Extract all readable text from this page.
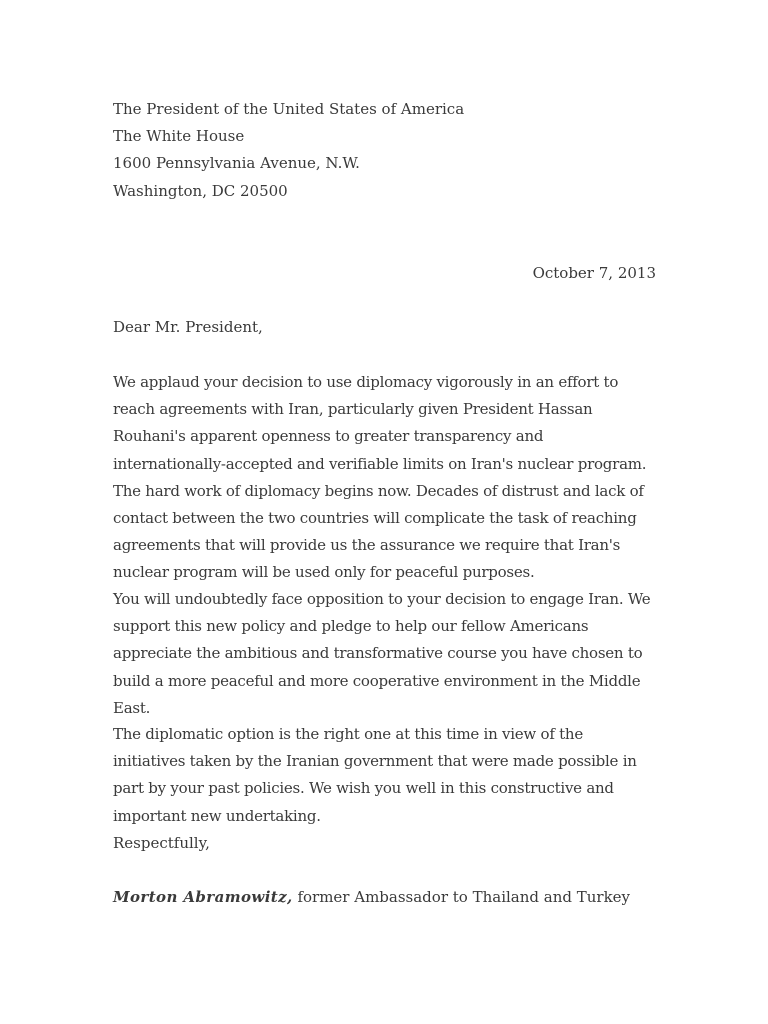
The President of the United States of America
The White House
1600 Pennsylvania Avenue, N.W.
Washington, DC 20500
October 7, 2013
Dear Mr. President,

We applaud your decision to use diplomacy vigorously in an effort to reach agreements with Iran, particularly given President Hassan Rouhani's apparent openness to greater transparency and internationally-accepted and verifiable limits on Iran's nuclear program. The hard work of diplomacy begins now. Decades of distrust and lack of contact between the two countries will complicate the task of reaching agreements that will provide us the assurance we require that Iran's nuclear program will be used only for peaceful purposes.

You will undoubtedly face opposition to your decision to engage Iran. We support this new policy and pledge to help our fellow Americans appreciate the ambitious and transformative course you have chosen to build a more peaceful and more cooperative environment in the Middle East.

The diplomatic option is the right one at this time in view of the initiatives taken by the Iranian government that were made possible in part by your past policies. We wish you well in this constructive and important new undertaking.

Respectfully,
Morton Abramowitz, former Ambassador to Thailand and Turkey
